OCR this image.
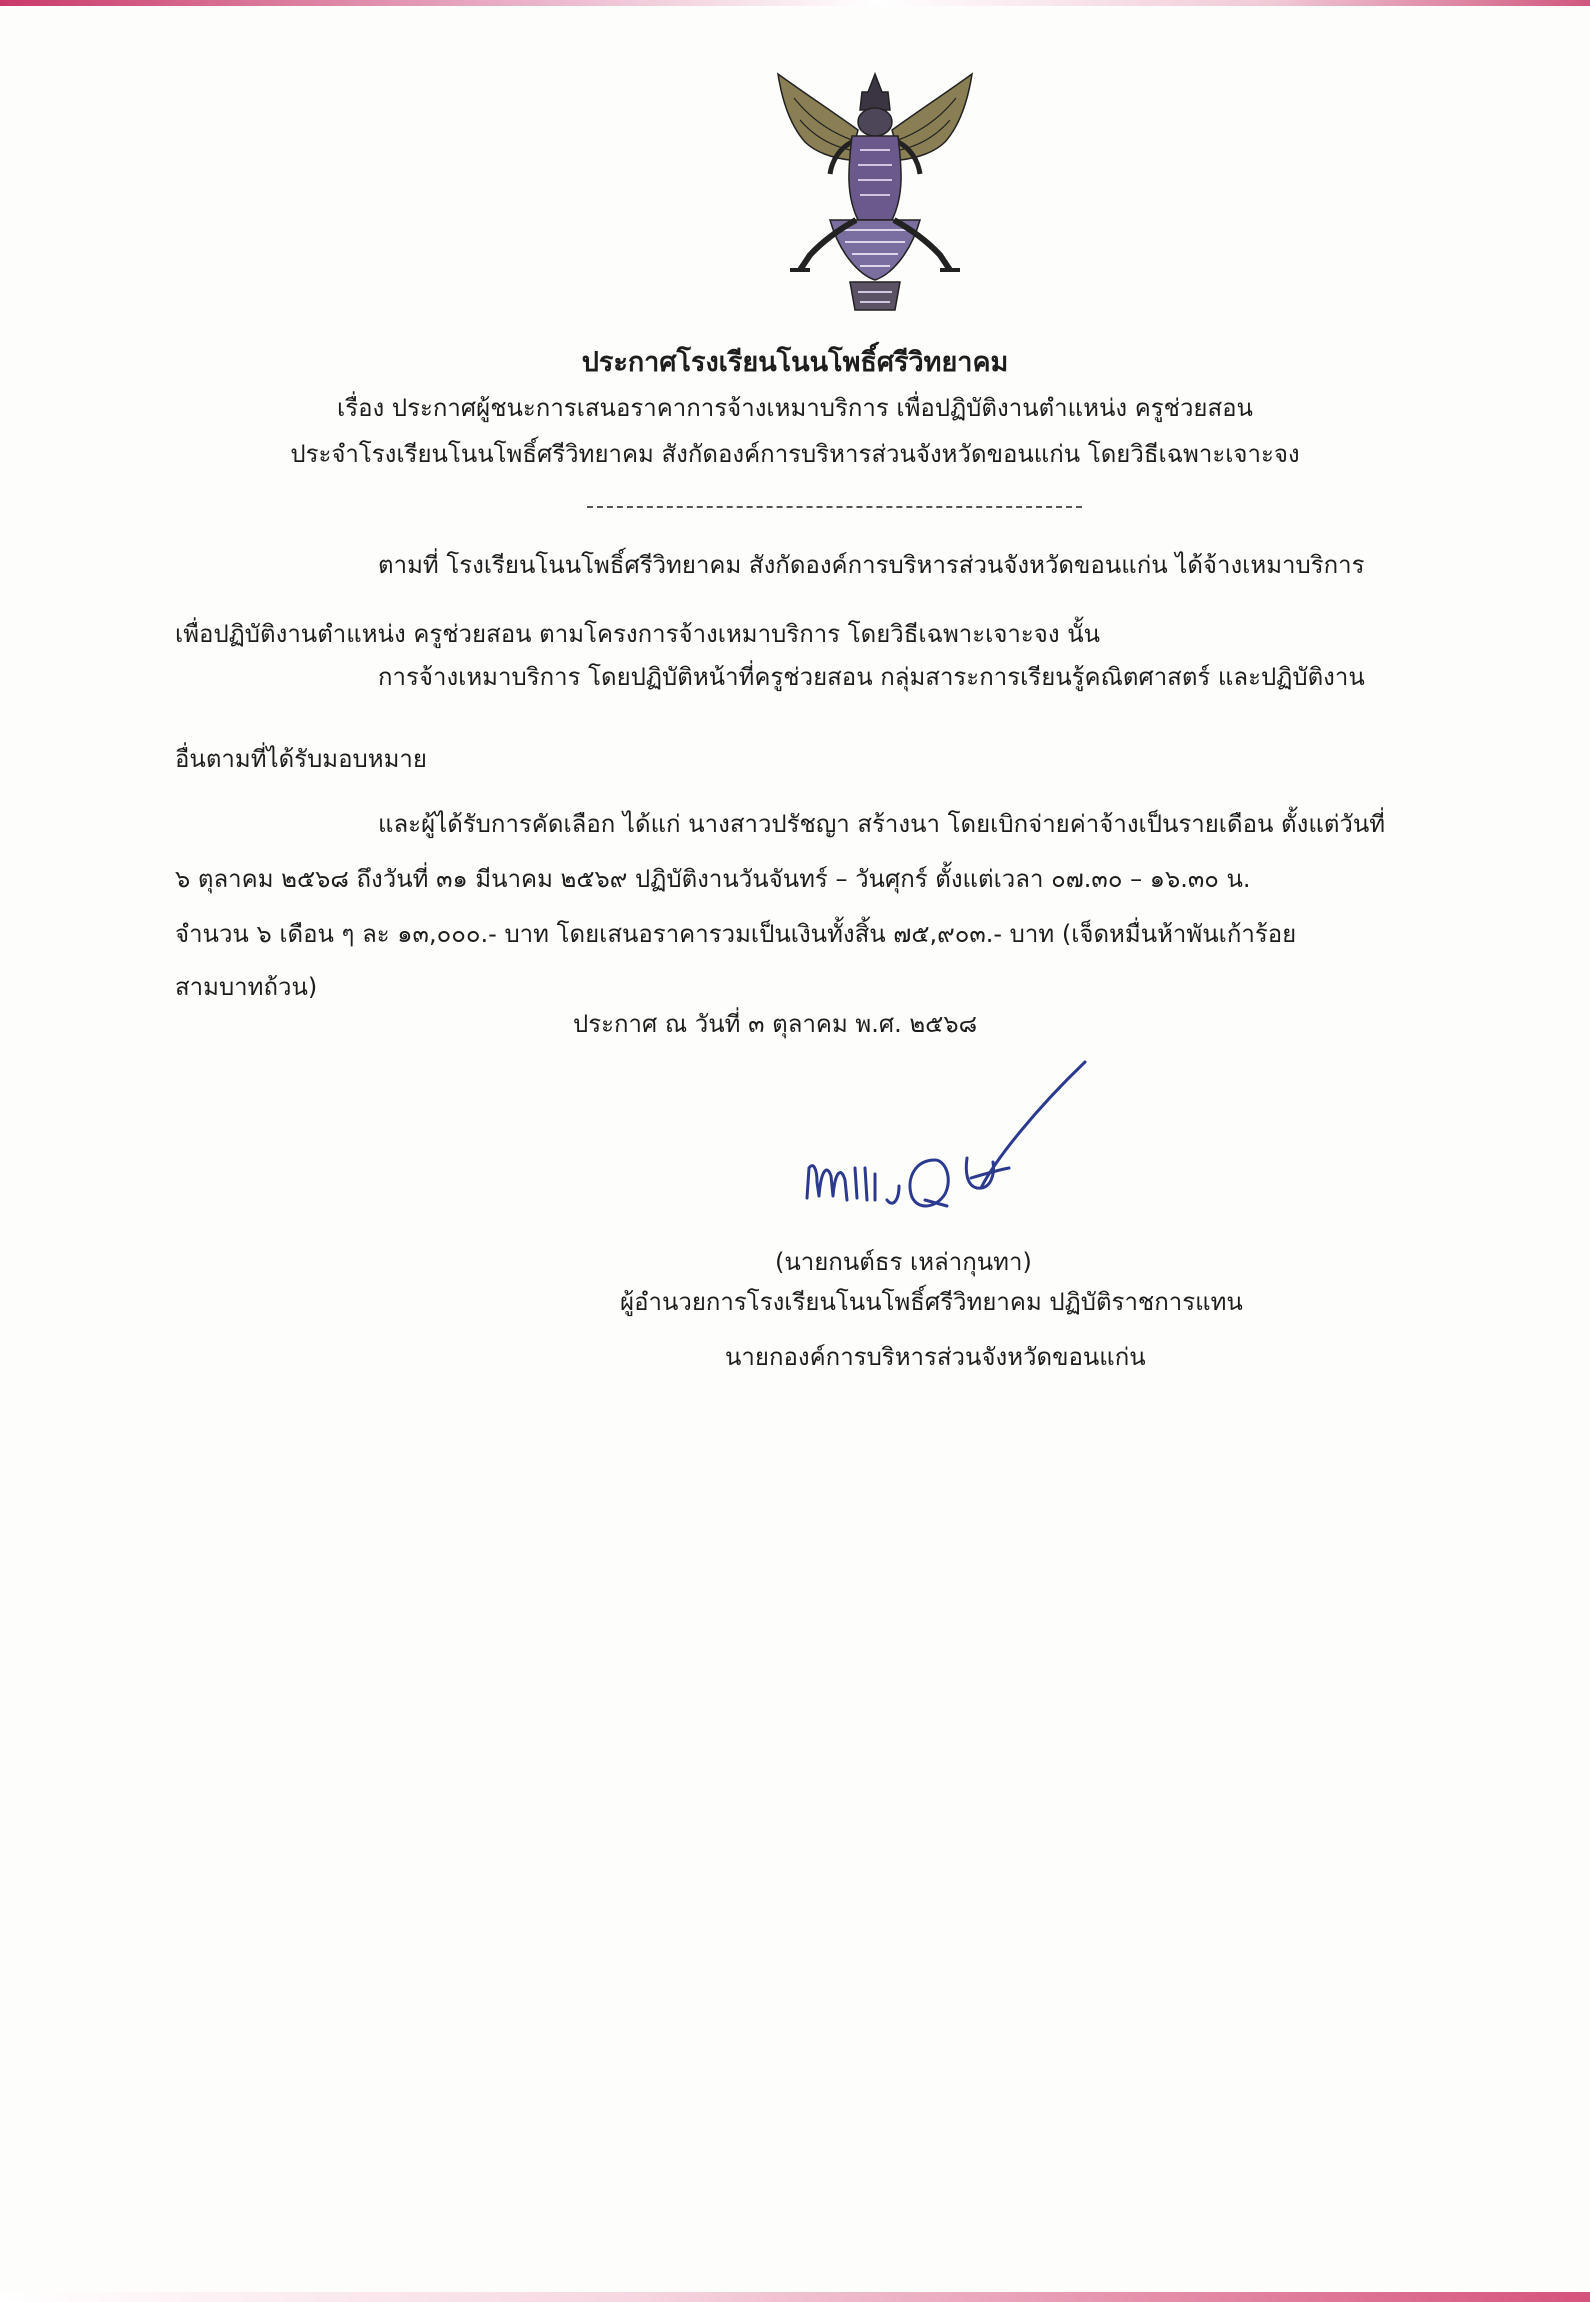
ประกาศโรงเรียนโนนโพธิ์ศรีวิทยาคม
เรื่อง ประกาศผู้ชนะการเสนอราคาการจ้างเหมาบริการ เพื่อปฏิบัติงานตำแหน่ง ครูช่วยสอน
ประจำโรงเรียนโนนโพธิ์ศรีวิทยาคม สังกัดองค์การบริหารส่วนจังหวัดขอนแก่น โดยวิธีเฉพาะเจาะจง
ตามที่ โรงเรียนโนนโพธิ์ศรีวิทยาคม สังกัดองค์การบริหารส่วนจังหวัดขอนแก่น ได้จ้างเหมาบริการ
เพื่อปฏิบัติงานตำแหน่ง ครูช่วยสอน ตามโครงการจ้างเหมาบริการ โดยวิธีเฉพาะเจาะจง นั้น
การจ้างเหมาบริการ โดยปฏิบัติหน้าที่ครูช่วยสอน กลุ่มสาระการเรียนรู้คณิตศาสตร์ และปฏิบัติงาน
อื่นตามที่ได้รับมอบหมาย
และผู้ได้รับการคัดเลือก ได้แก่ นางสาวปรัชญา สร้างนา โดยเบิกจ่ายค่าจ้างเป็นรายเดือน ตั้งแต่วันที่
๖ ตุลาคม ๒๕๖๘ ถึงวันที่ ๓๑ มีนาคม ๒๕๖๙ ปฏิบัติงานวันจันทร์ – วันศุกร์ ตั้งแต่เวลา ๐๗.๓๐ – ๑๖.๓๐ น.
จำนวน ๖ เดือน ๆ ละ ๑๓,๐๐๐.- บาท โดยเสนอราคารวมเป็นเงินทั้งสิ้น ๗๕,๙๐๓.- บาท (เจ็ดหมื่นห้าพันเก้าร้อย
สามบาทถ้วน)
ประกาศ ณ วันที่ ๓ ตุลาคม พ.ศ. ๒๕๖๘
(นายกนต์ธร เหล่ากุนทา)
ผู้อำนวยการโรงเรียนโนนโพธิ์ศรีวิทยาคม ปฏิบัติราชการแทน
นายกองค์การบริหารส่วนจังหวัดขอนแก่น
